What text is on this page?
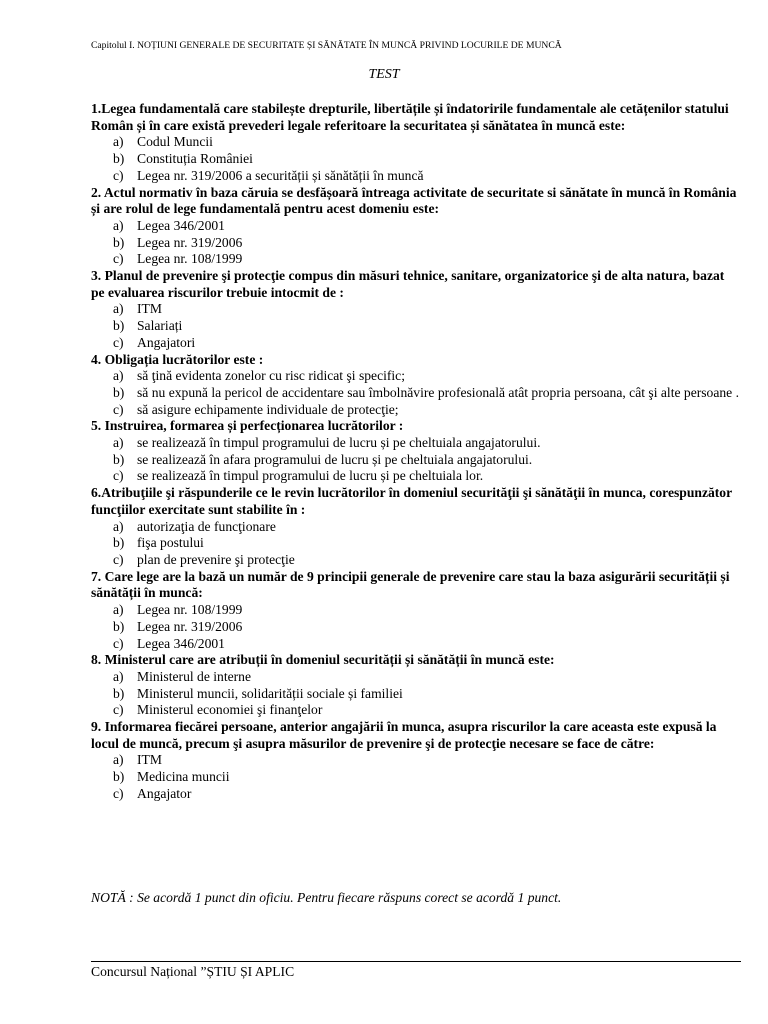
Capitolul I. NOȚIUNI GENERALE DE SECURITATE ȘI SĂNĂTATE ÎN MUNCĂ PRIVIND LOCURILE DE MUNCĂ
TEST

1.Legea fundamentală care stabilește drepturile, libertățile și îndatoririle fundamentale ale cetățenilor statului Român și în care există prevederi legale referitoare la securitatea și sănătatea în muncă este:

a) Codul Muncii
b) Constituția României
c) Legea nr. 319/2006 a securității și sănătății în muncă

2. Actul normativ în baza căruia se desfășoară întreaga activitate de securitate si sănătate în muncă în România și are rolul de lege fundamentală pentru acest domeniu este:

a) Legea 346/2001
b) Legea nr. 319/2006
c) Legea nr. 108/1999

3. Planul de prevenire şi protecţie compus din măsuri tehnice, sanitare, organizatorice şi de alta natura, bazat pe evaluarea riscurilor trebuie intocmit de :

a) ITM
b) Salariați
c) Angajatori

4. Obligația lucrătorilor este :

a) să ţină evidenta zonelor cu risc ridicat şi specific;
b) să nu expună la pericol de accidentare sau îmbolnăvire profesională atât propria persoana, cât şi alte persoane .
c) să asigure echipamente individuale de protecţie;

5. Instruirea, formarea și perfecționarea lucrătorilor :

a) se realizează în timpul programului de lucru și pe cheltuiala angajatorului.
b) se realizează în afara programului de lucru și pe cheltuiala angajatorului.
c) se realizează în timpul programului de lucru și pe cheltuiala lor.

6.Atribuţiile şi răspunderile ce le revin lucrătorilor în domeniul securităţii şi sănătăţii în munca, corespunzător funcţiilor exercitate sunt stabilite în :

a) autorizaţia de funcţionare
b) fişa postului
c) plan de prevenire şi protecţie

7. Care lege are la bază un număr de 9 principii generale de prevenire care stau la baza asigurării securității și sănătății în muncă:

a) Legea nr. 108/1999
b) Legea nr. 319/2006
c) Legea 346/2001

8. Ministerul care are atribuții în domeniul securității și sănătății în muncă este:

a) Ministerul de interne
b) Ministerul muncii, solidarității sociale și familiei
c) Ministerul economiei şi finanţelor

9. Informarea fiecărei persoane, anterior angajării în munca, asupra riscurilor la care aceasta este expusă la locul de muncă, precum şi asupra măsurilor de prevenire şi de protecţie necesare se face de către:

a) ITM
b) Medicina muncii
c) Angajator
NOTĂ : Se acordă 1 punct din oficiu. Pentru fiecare răspuns corect se acordă 1 punct.
Concursul Național ”ȘTIU ȘI APLIC
